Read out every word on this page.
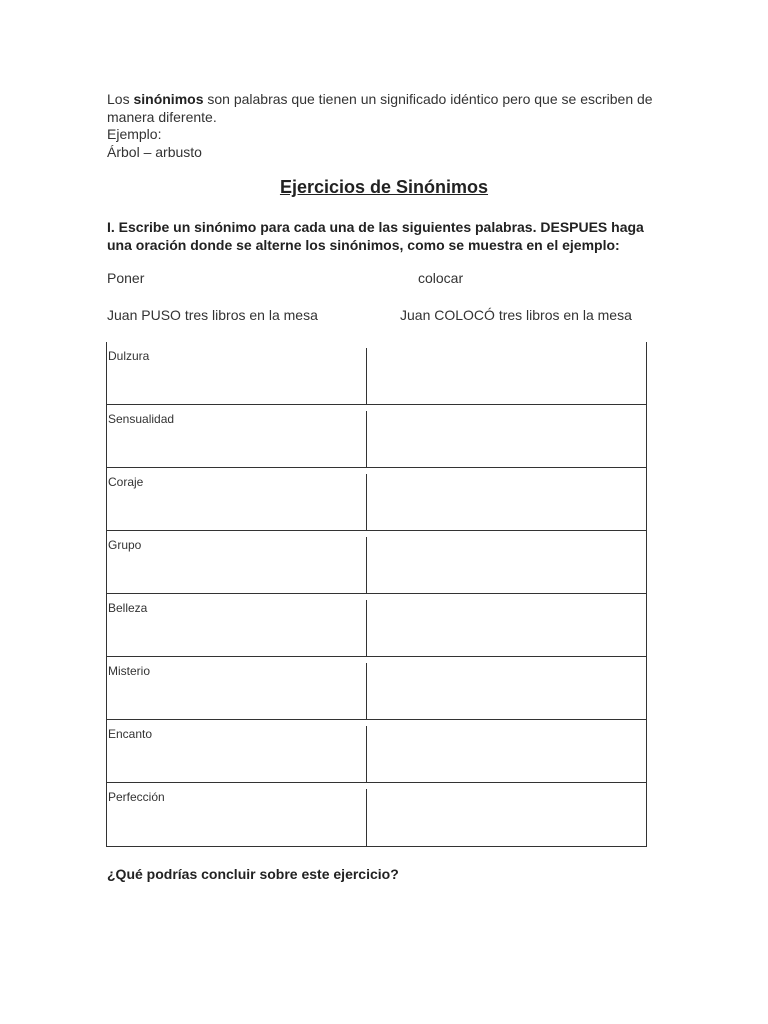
Los sinónimos son palabras que tienen un significado idéntico pero que se escriben de manera diferente.
Ejemplo:
Árbol – arbusto
Ejercicios de Sinónimos
I. Escribe un sinónimo para cada una de las siguientes palabras. DESPUES haga una oración donde se alterne los sinónimos, como se muestra en el ejemplo:
Poner	colocar
Juan PUSO tres libros en la mesa	Juan COLOCÓ tres libros en la mesa
Dulzura
Sensualidad
Coraje
Grupo
Belleza
Misterio
Encanto
Perfección
¿Qué podrías concluir sobre este ejercicio?
